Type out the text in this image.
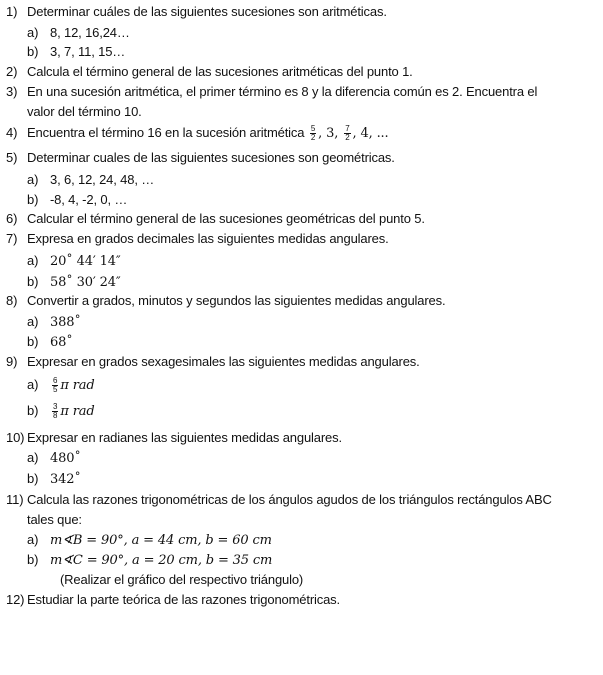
1) Determinar cuáles de las siguientes sucesiones son aritméticas.
a) 8, 12, 16,24…
b) 3, 7, 11, 15…
2) Calcula el término general de las sucesiones aritméticas del punto 1.
3) En una sucesión aritmética, el primer término es 8 y la diferencia común es 2. Encuentra el
valor del término 10.
4) Encuentra el término 16 en la sucesión aritmética $\frac{5}{2}$ , 3, $\frac{7}{2}$ , 4, ...
5) Determinar cuales de las siguientes sucesiones son geométricas.
a) 3, 6, 12, 24, 48, …
b) -8, 4, -2, 0, …
6) Calcular el término general de las sucesiones geométricas del punto 5.
7) Expresa en grados decimales las siguientes medidas angulares.
a) 20˚ 44′ 14″
b) 58˚ 30′ 24″
8) Convertir a grados, minutos y segundos las siguientes medidas angulares.
a) 388˚
b) 68˚
9) Expresar en grados sexagesimales las siguientes medidas angulares.
$a) \frac{6}{5}$ π rad
$b) \frac{3}{8}$ π rad
10) Expresar en radianes las siguientes medidas angulares.
a) 480˚
b) 342˚
11) Calcula las razones trigonométricas de los ángulos agudos de los triángulos rectángulos ABC
tales que:
a) m∢B = 90°, a = 44 cm, b = 60 cm
b) m∢C = 90°, a = 20 cm, b = 35 cm
(Realizar el gráfico del respectivo triángulo)
12) Estudiar la parte teórica de las razones trigonométricas.
